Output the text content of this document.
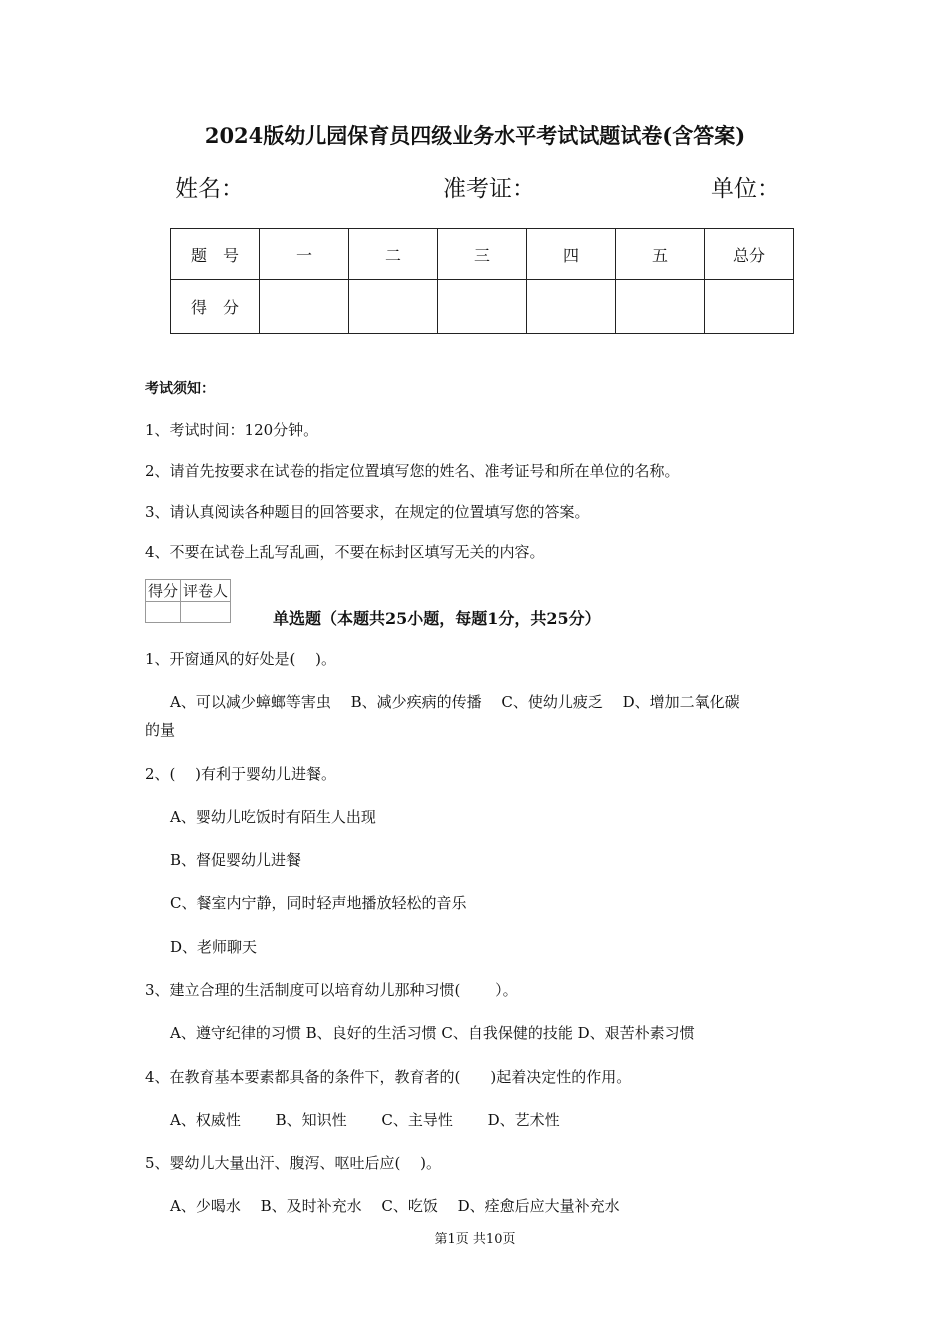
2024版幼儿园保育员四级业务水平考试试题试卷(含答案)
姓名：	准考证：	单位：
题　号	一	二	三	四	五	总分
得　分						
考试须知：
1、考试时间：120分钟。
2、请首先按要求在试卷的指定位置填写您的姓名、准考证号和所在单位的名称。
3、请认真阅读各种题目的回答要求，在规定的位置填写您的答案。
4、不要在试卷上乱写乱画，不要在标封区填写无关的内容。
得分	评卷人

单选题（本题共25小题，每题1分，共25分）
1、开窗通风的好处是(　 )。
A、可以减少蟑螂等害虫　 B、减少疾病的传播　 C、使幼儿疲乏　 D、增加二氧化碳
的量
2、(　 )有利于婴幼儿进餐。
A、婴幼儿吃饭时有陌生人出现
B、督促婴幼儿进餐
C、餐室内宁静，同时轻声地播放轻松的音乐
D、老师聊天
3、建立合理的生活制度可以培育幼儿那种习惯(　　 ）。
A、遵守纪律的习惯 B、良好的生活习惯 C、自我保健的技能 D、艰苦朴素习惯
4、在教育基本要素都具备的条件下，教育者的(　　)起着决定性的作用。
A、权威性　　 B、知识性　　 C、主导性　　 D、艺术性
5、婴幼儿大量出汗、腹泻、呕吐后应(　 )。
A、少喝水　 B、及时补充水　 C、吃饭　 D、痊愈后应大量补充水
第1页 共10页
